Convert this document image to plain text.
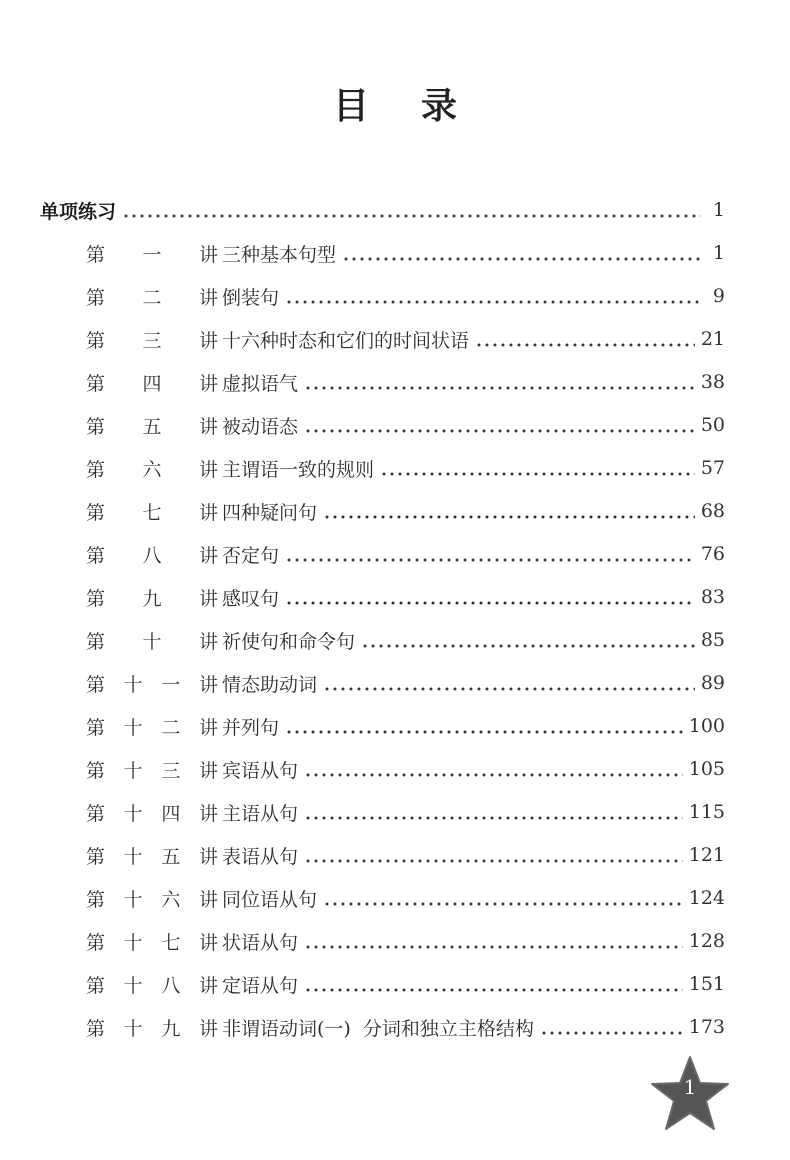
目录
单项练习	1
第 一 讲 三种基本句型	1
第 二 讲 倒装句	9
第 三 讲 十六种时态和它们的时间状语	21
第 四 讲 虚拟语气	38
第 五 讲 被动语态	50
第 六 讲 主谓语一致的规则	57
第 七 讲 四种疑问句	68
第 八 讲 否定句	76
第 九 讲 感叹句	83
第 十 讲 祈使句和命令句	85
第 十 一 讲 情态助动词	89
第 十 二 讲 并列句	100
第 十 三 讲 宾语从句	105
第 十 四 讲 主语从句	115
第 十 五 讲 表语从句	121
第 十 六 讲 同位语从句	124
第 十 七 讲 状语从句	128
第 十 八 讲 定语从句	151
第 十 九 讲 非谓语动词(一)  分词和独立主格结构	173
1
